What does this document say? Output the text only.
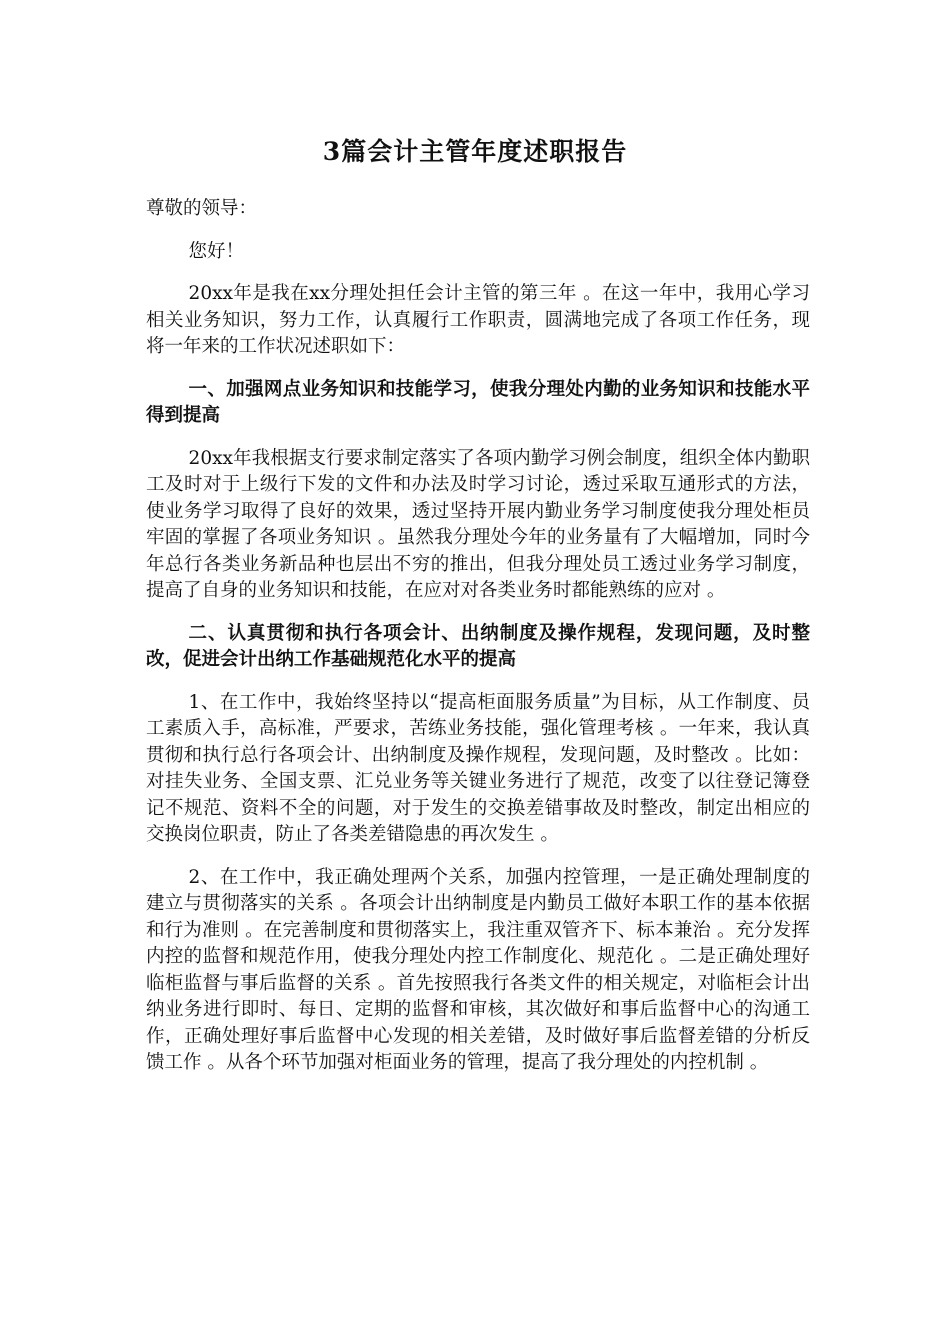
3篇会计主管年度述职报告

尊敬的领导：

您好！

20xx年是我在xx分理处担任会计主管的第三年 。在这一年中，我用心学习相关业务知识，努力工作，认真履行工作职责，圆满地完成了各项工作任务，现将一年来的工作状况述职如下：

一、加强网点业务知识和技能学习，使我分理处内勤的业务知识和技能水平得到提高

20xx年我根据支行要求制定落实了各项内勤学习例会制度，组织全体内勤职工及时对于上级行下发的文件和办法及时学习讨论，透过采取互通形式的方法，使业务学习取得了良好的效果，透过坚持开展内勤业务学习制度使我分理处柜员牢固的掌握了各项业务知识 。虽然我分理处今年的业务量有了大幅增加，同时今年总行各类业务新品种也层出不穷的推出，但我分理处员工透过业务学习制度，提高了自身的业务知识和技能，在应对对各类业务时都能熟练的应对 。

二、认真贯彻和执行各项会计、出纳制度及操作规程，发现问题，及时整改，促进会计出纳工作基础规范化水平的提高

1、在工作中，我始终坚持以“提高柜面服务质量”为目标，从工作制度、员工素质入手，高标准，严要求，苦练业务技能，强化管理考核 。一年来，我认真贯彻和执行总行各项会计、出纳制度及操作规程，发现问题，及时整改 。比如：对挂失业务、全国支票、汇兑业务等关键业务进行了规范，改变了以往登记簿登记不规范、资料不全的问题，对于发生的交换差错事故及时整改，制定出相应的交换岗位职责，防止了各类差错隐患的再次发生 。

2、在工作中，我正确处理两个关系，加强内控管理，一是正确处理制度的建立与贯彻落实的关系 。各项会计出纳制度是内勤员工做好本职工作的基本依据和行为准则 。在完善制度和贯彻落实上，我注重双管齐下、标本兼治 。充分发挥内控的监督和规范作用，使我分理处内控工作制度化、规范化 。二是正确处理好临柜监督与事后监督的关系 。首先按照我行各类文件的相关规定，对临柜会计出纳业务进行即时、每日、定期的监督和审核，其次做好和事后监督中心的沟通工作，正确处理好事后监督中心发现的相关差错，及时做好事后监督差错的分析反馈工作 。从各个环节加强对柜面业务的管理，提高了我分理处的内控机制 。
